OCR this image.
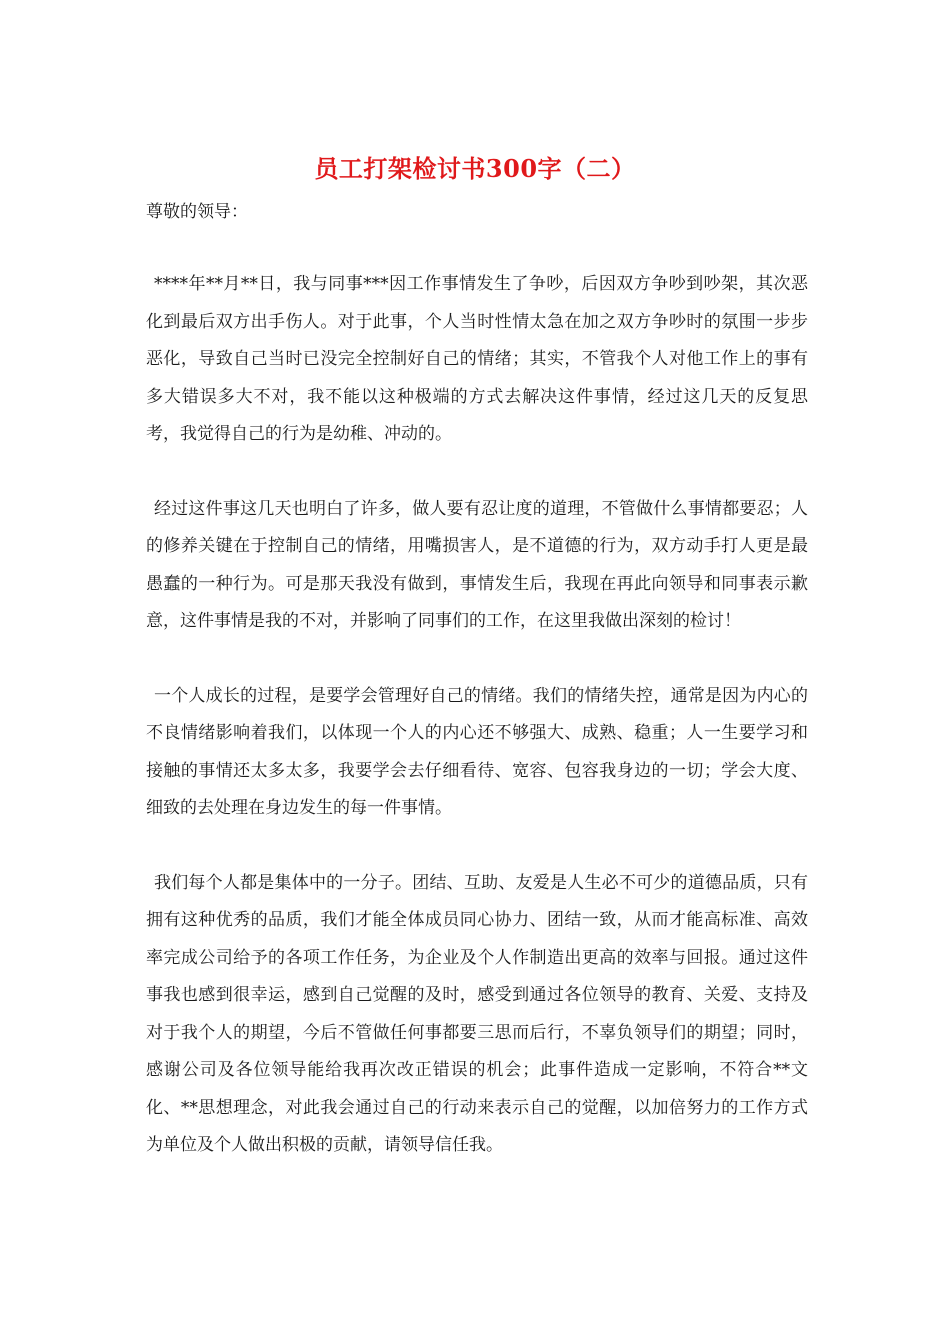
员工打架检讨书300字（二）

尊敬的领导：

****年**月**日，我与同事***因工作事情发生了争吵，后因双方争吵到吵架，其次恶化到最后双方出手伤人。对于此事，个人当时性情太急在加之双方争吵时的氛围一步步恶化，导致自己当时已没完全控制好自己的情绪；其实，不管我个人对他工作上的事有多大错误多大不对，我不能以这种极端的方式去解决这件事情，经过这几天的反复思考，我觉得自己的行为是幼稚、冲动的。

经过这件事这几天也明白了许多，做人要有忍让度的道理，不管做什么事情都要忍；人的修养关键在于控制自己的情绪，用嘴损害人，是不道德的行为，双方动手打人更是最愚蠢的一种行为。可是那天我没有做到，事情发生后，我现在再此向领导和同事表示歉意，这件事情是我的不对，并影响了同事们的工作，在这里我做出深刻的检讨！

一个人成长的过程，是要学会管理好自己的情绪。我们的情绪失控，通常是因为内心的不良情绪影响着我们，以体现一个人的内心还不够强大、成熟、稳重；人一生要学习和接触的事情还太多太多，我要学会去仔细看待、宽容、包容我身边的一切；学会大度、细致的去处理在身边发生的每一件事情。

我们每个人都是集体中的一分子。团结、互助、友爱是人生必不可少的道德品质，只有拥有这种优秀的品质，我们才能全体成员同心协力、团结一致，从而才能高标准、高效率完成公司给予的各项工作任务，为企业及个人作制造出更高的效率与回报。通过这件事我也感到很幸运，感到自己觉醒的及时，感受到通过各位领导的教育、关爱、支持及对于我个人的期望，今后不管做任何事都要三思而后行，不辜负领导们的期望；同时，感谢公司及各位领导能给我再次改正错误的机会；此事件造成一定影响，不符合**文化、**思想理念，对此我会通过自己的行动来表示自己的觉醒，以加倍努力的工作方式为单位及个人做出积极的贡献，请领导信任我。
